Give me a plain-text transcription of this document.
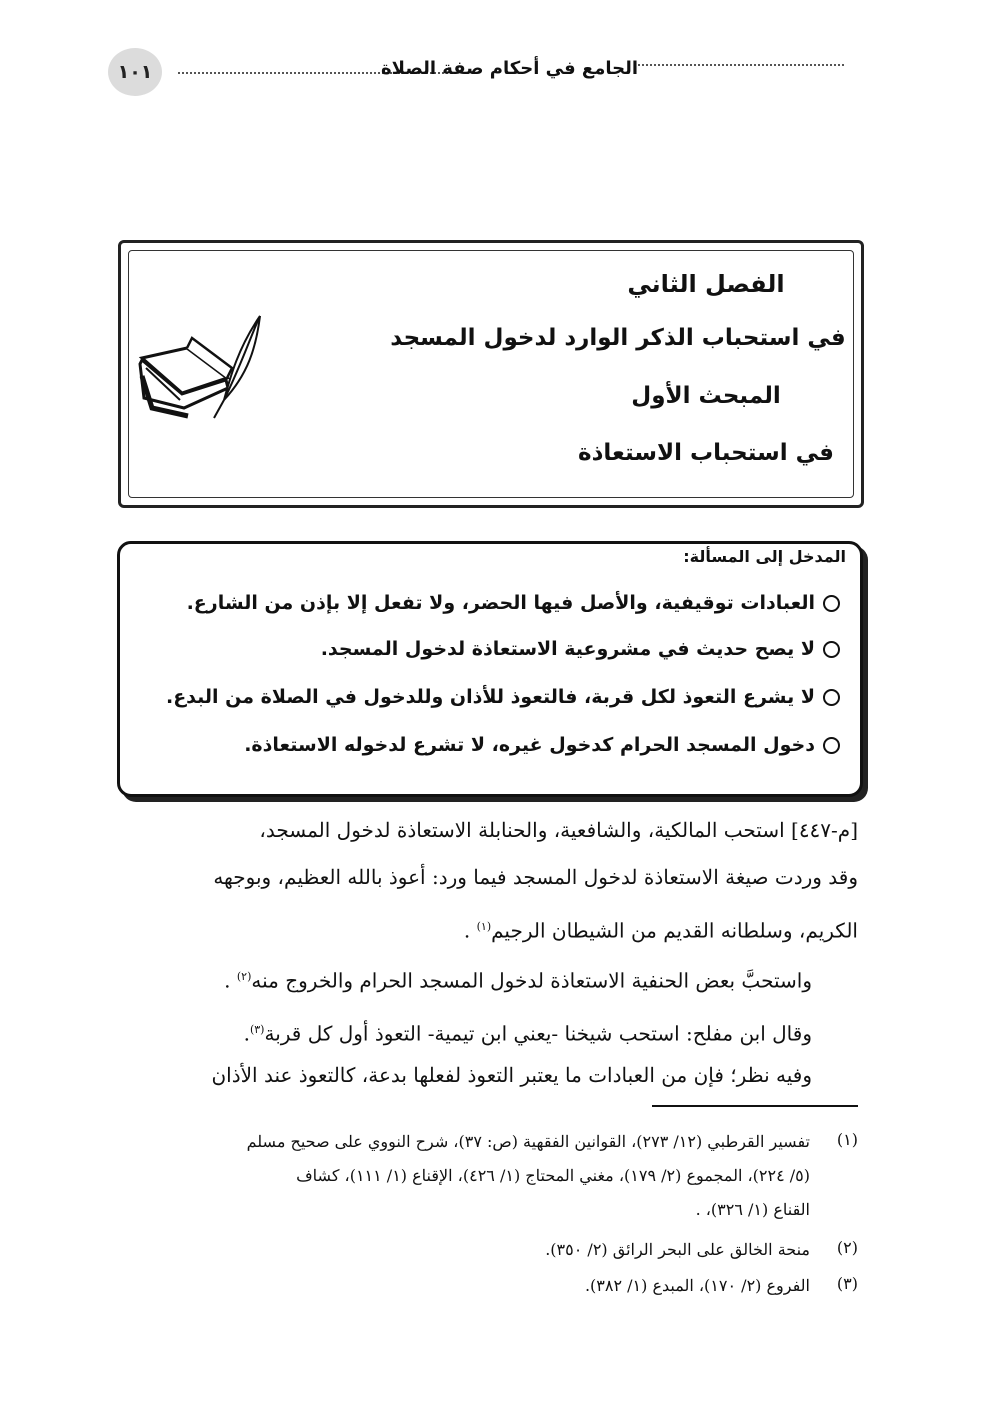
١٠١	الجامع في أحكام صفة الصلاة
الفصل الثاني
في استحباب الذكر الوارد لدخول المسجد
المبحث الأول
في استحباب الاستعاذة
المدخل إلى المسألة:
العبادات توقيفية، والأصل فيها الحضر، ولا تفعل إلا بإذن من الشارع.
لا يصح حديث في مشروعية الاستعاذة لدخول المسجد.
لا يشرع التعوذ لكل قربة، فالتعوذ للأذان وللدخول في الصلاة من البدع.
دخول المسجد الحرام كدخول غيره، لا تشرع لدخوله الاستعاذة.
[م-٤٤٧] استحب المالكية، والشافعية، والحنابلة الاستعاذة لدخول المسجد،
وقد وردت صيغة الاستعاذة لدخول المسجد فيما ورد: أعوذ بالله العظيم، وبوجهه
الكريم، وسلطانه القديم من الشيطان الرجيم$^{(١)}$ .
واستحبَّ بعض الحنفية الاستعاذة لدخول المسجد الحرام والخروج منه$^{(٢)}$ .
وقال ابن مفلح: استحب شيخنا -يعني ابن تيمية- التعوذ أول كل قربة$^{(٣)}$.
وفيه نظر؛ فإن من العبادات ما يعتبر التعوذ لفعلها بدعة، كالتعوذ عند الأذان
(١)
تفسير القرطبي (١٢/ ٢٧٣)، القوانين الفقهية (ص: ٣٧)، شرح النووي على صحيح مسلم
(٥/ ٢٢٤)، المجموع (٢/ ١٧٩)، مغني المحتاج (١/ ٤٢٦)، الإقناع (١/ ١١١)، كشاف
القناع (١/ ٣٢٦)، .
(٢)
منحة الخالق على البحر الرائق (٢/ ٣٥٠).
(٣)
الفروع (٢/ ١٧٠)، المبدع (١/ ٣٨٢).
